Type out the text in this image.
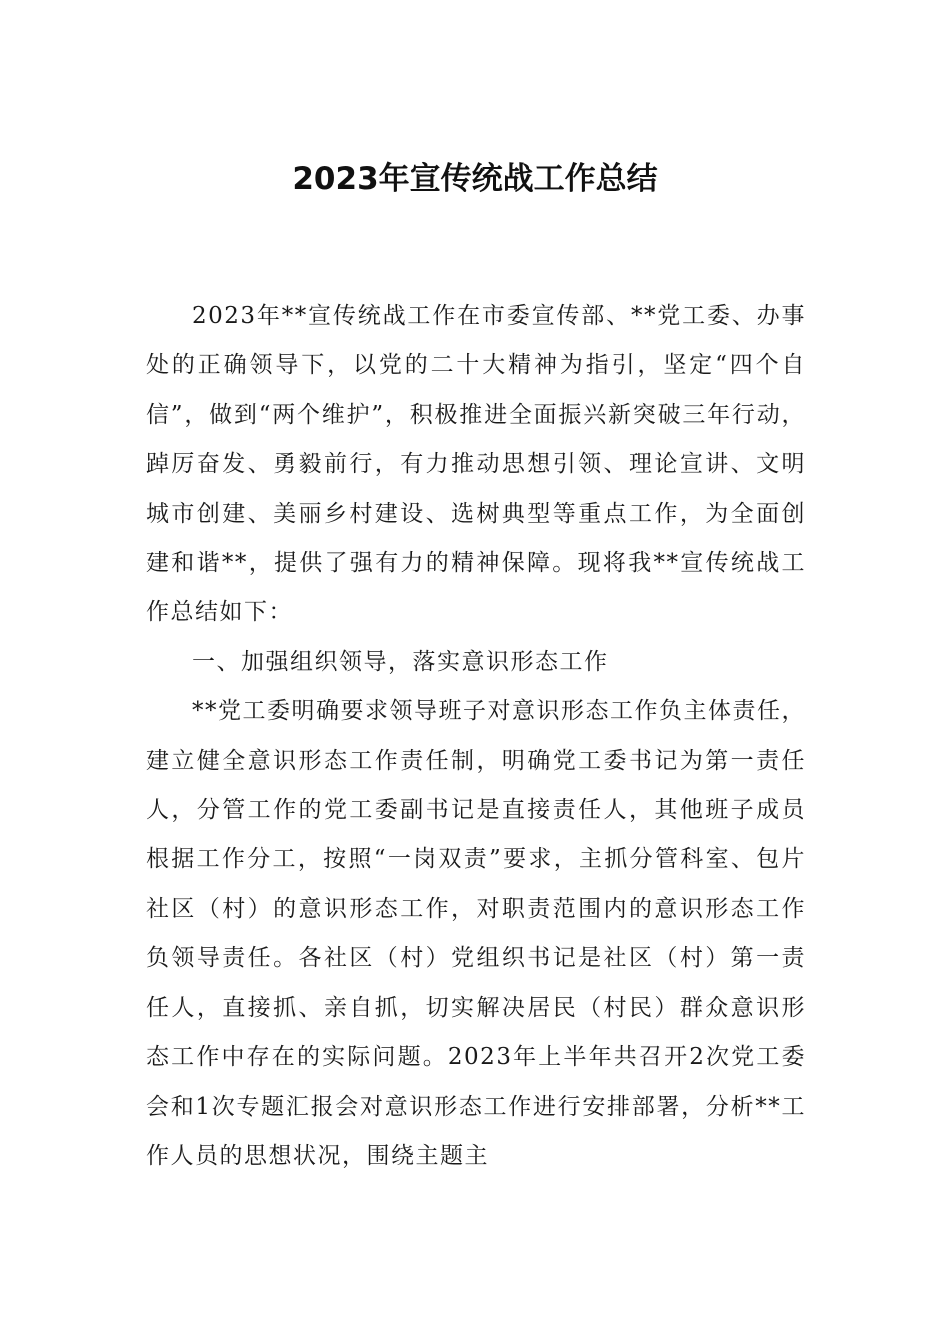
2023年宣传统战工作总结

2023年**宣传统战工作在市委宣传部、**党工委、办事处的正确领导下，以党的二十大精神为指引，坚定“四个自信”，做到“两个维护”，积极推进全面振兴新突破三年行动，踔厉奋发、勇毅前行，有力推动思想引领、理论宣讲、文明城市创建、美丽乡村建设、选树典型等重点工作，为全面创建和谐**，提供了强有力的精神保障。现将我**宣传统战工作总结如下：

一、加强组织领导，落实意识形态工作

**党工委明确要求领导班子对意识形态工作负主体责任，建立健全意识形态工作责任制，明确党工委书记为第一责任人，分管工作的党工委副书记是直接责任人，其他班子成员根据工作分工，按照“一岗双责”要求，主抓分管科室、包片社区（村）的意识形态工作，对职责范围内的意识形态工作负领导责任。各社区（村）党组织书记是社区（村）第一责任人，直接抓、亲自抓，切实解决居民（村民）群众意识形态工作中存在的实际问题。2023年上半年共召开2次党工委会和1次专题汇报会对意识形态工作进行安排部署，分析**工作人员的思想状况，围绕主题主
